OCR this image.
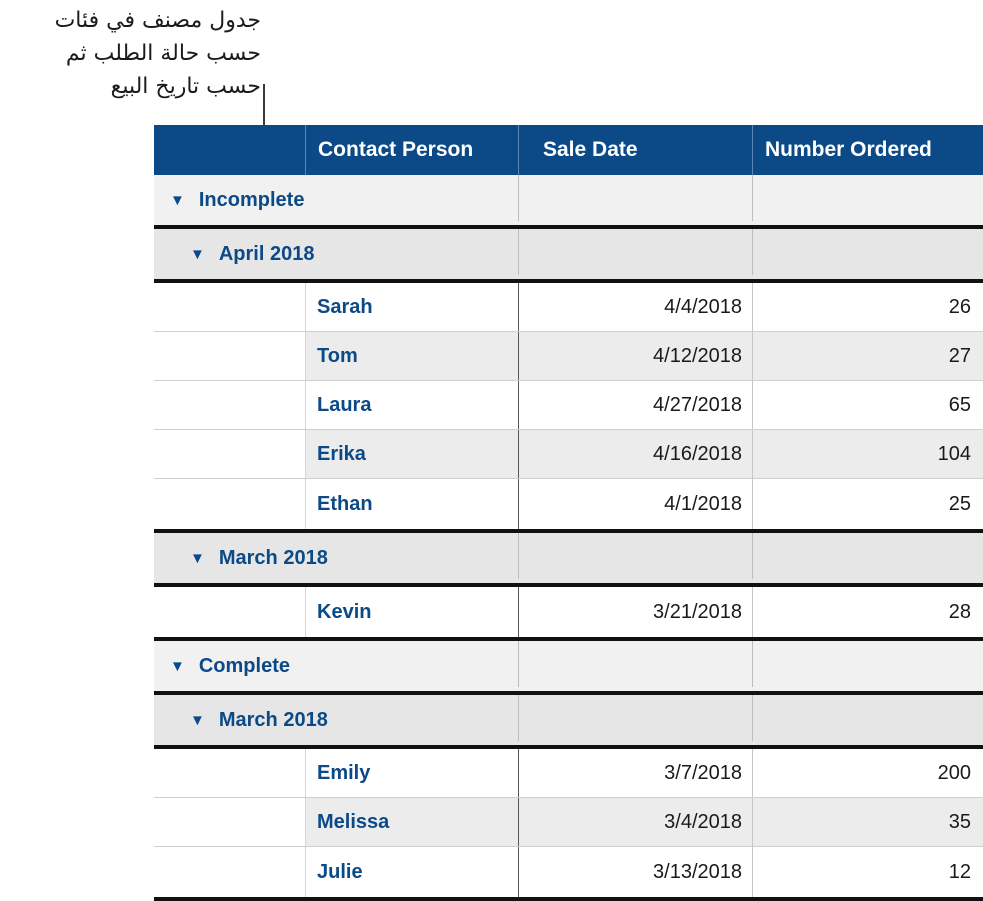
جدول مصنف في فئات
حسب حالة الطلب ثم
حسب تاريخ البيع
Contact Person	Sale Date	Number Ordered
▼ Incomplete
▼ April 2018
Sarah	4/4/2018	26
Tom	4/12/2018	27
Laura	4/27/2018	65
Erika	4/16/2018	104
Ethan	4/1/2018	25
▼ March 2018
Kevin	3/21/2018	28
▼ Complete
▼ March 2018
Emily	3/7/2018	200
Melissa	3/4/2018	35
Julie	3/13/2018	12
